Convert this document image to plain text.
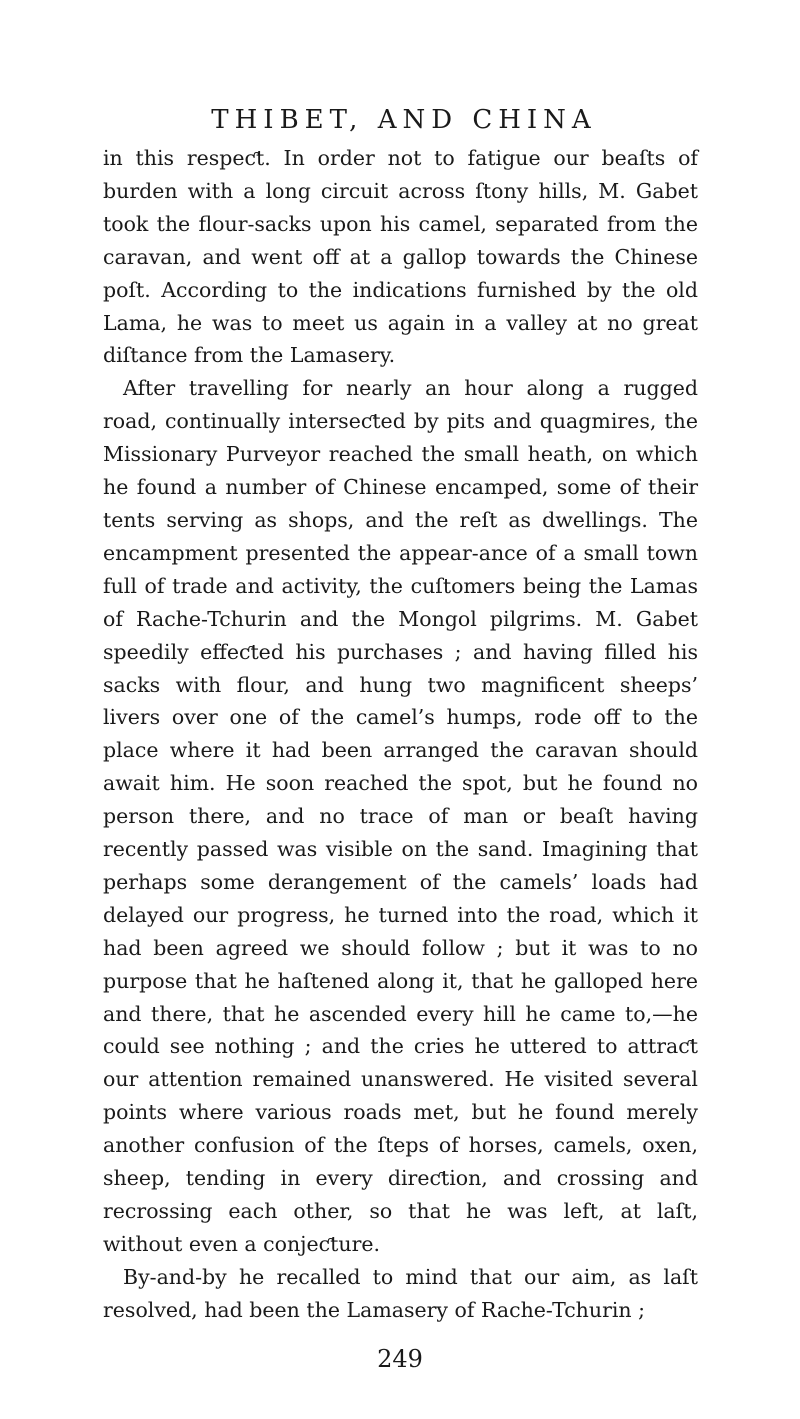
THIBET, AND CHINA

in this respeƈt. In order not to fatigue our beaſts of burden with a long circuit across ſtony hills, M. Gabet took the flour-sacks upon his camel, separated from the caravan, and went off at a gallop towards the Chinese poſt. According to the indications furnished by the old Lama, he was to meet us again in a valley at no great diſtance from the Lamasery.

After travelling for nearly an hour along a rugged road, continually interseƈted by pits and quagmires, the Missionary Purveyor reached the small heath, on which he found a number of Chinese encamped, some of their tents serving as shops, and the reſt as dwellings. The encampment presented the appear-ance of a small town full of trade and activity, the cuſtomers being the Lamas of Rache-Tchurin and the Mongol pilgrims. M. Gabet speedily effeƈted his purchases ; and having filled his sacks with flour, and hung two magnificent sheeps’ livers over one of the camel’s humps, rode off to the place where it had been arranged the caravan should await him. He soon reached the spot, but he found no person there, and no trace of man or beaſt having recently passed was visible on the sand. Imagining that perhaps some derangement of the camels’ loads had delayed our progress, he turned into the road, which it had been agreed we should follow ; but it was to no purpose that he haſtened along it, that he galloped here and there, that he ascended every hill he came to,—he could see nothing ; and the cries he uttered to attraƈt our attention remained unanswered. He visited several points where various roads met, but he found merely another confusion of the ſteps of horses, camels, oxen, sheep, tending in every direƈtion, and crossing and recrossing each other, so that he was left, at laſt, without even a conjeƈture.

By-and-by he recalled to mind that our aim, as laſt resolved, had been the Lamasery of Rache-Tchurin ;

249
